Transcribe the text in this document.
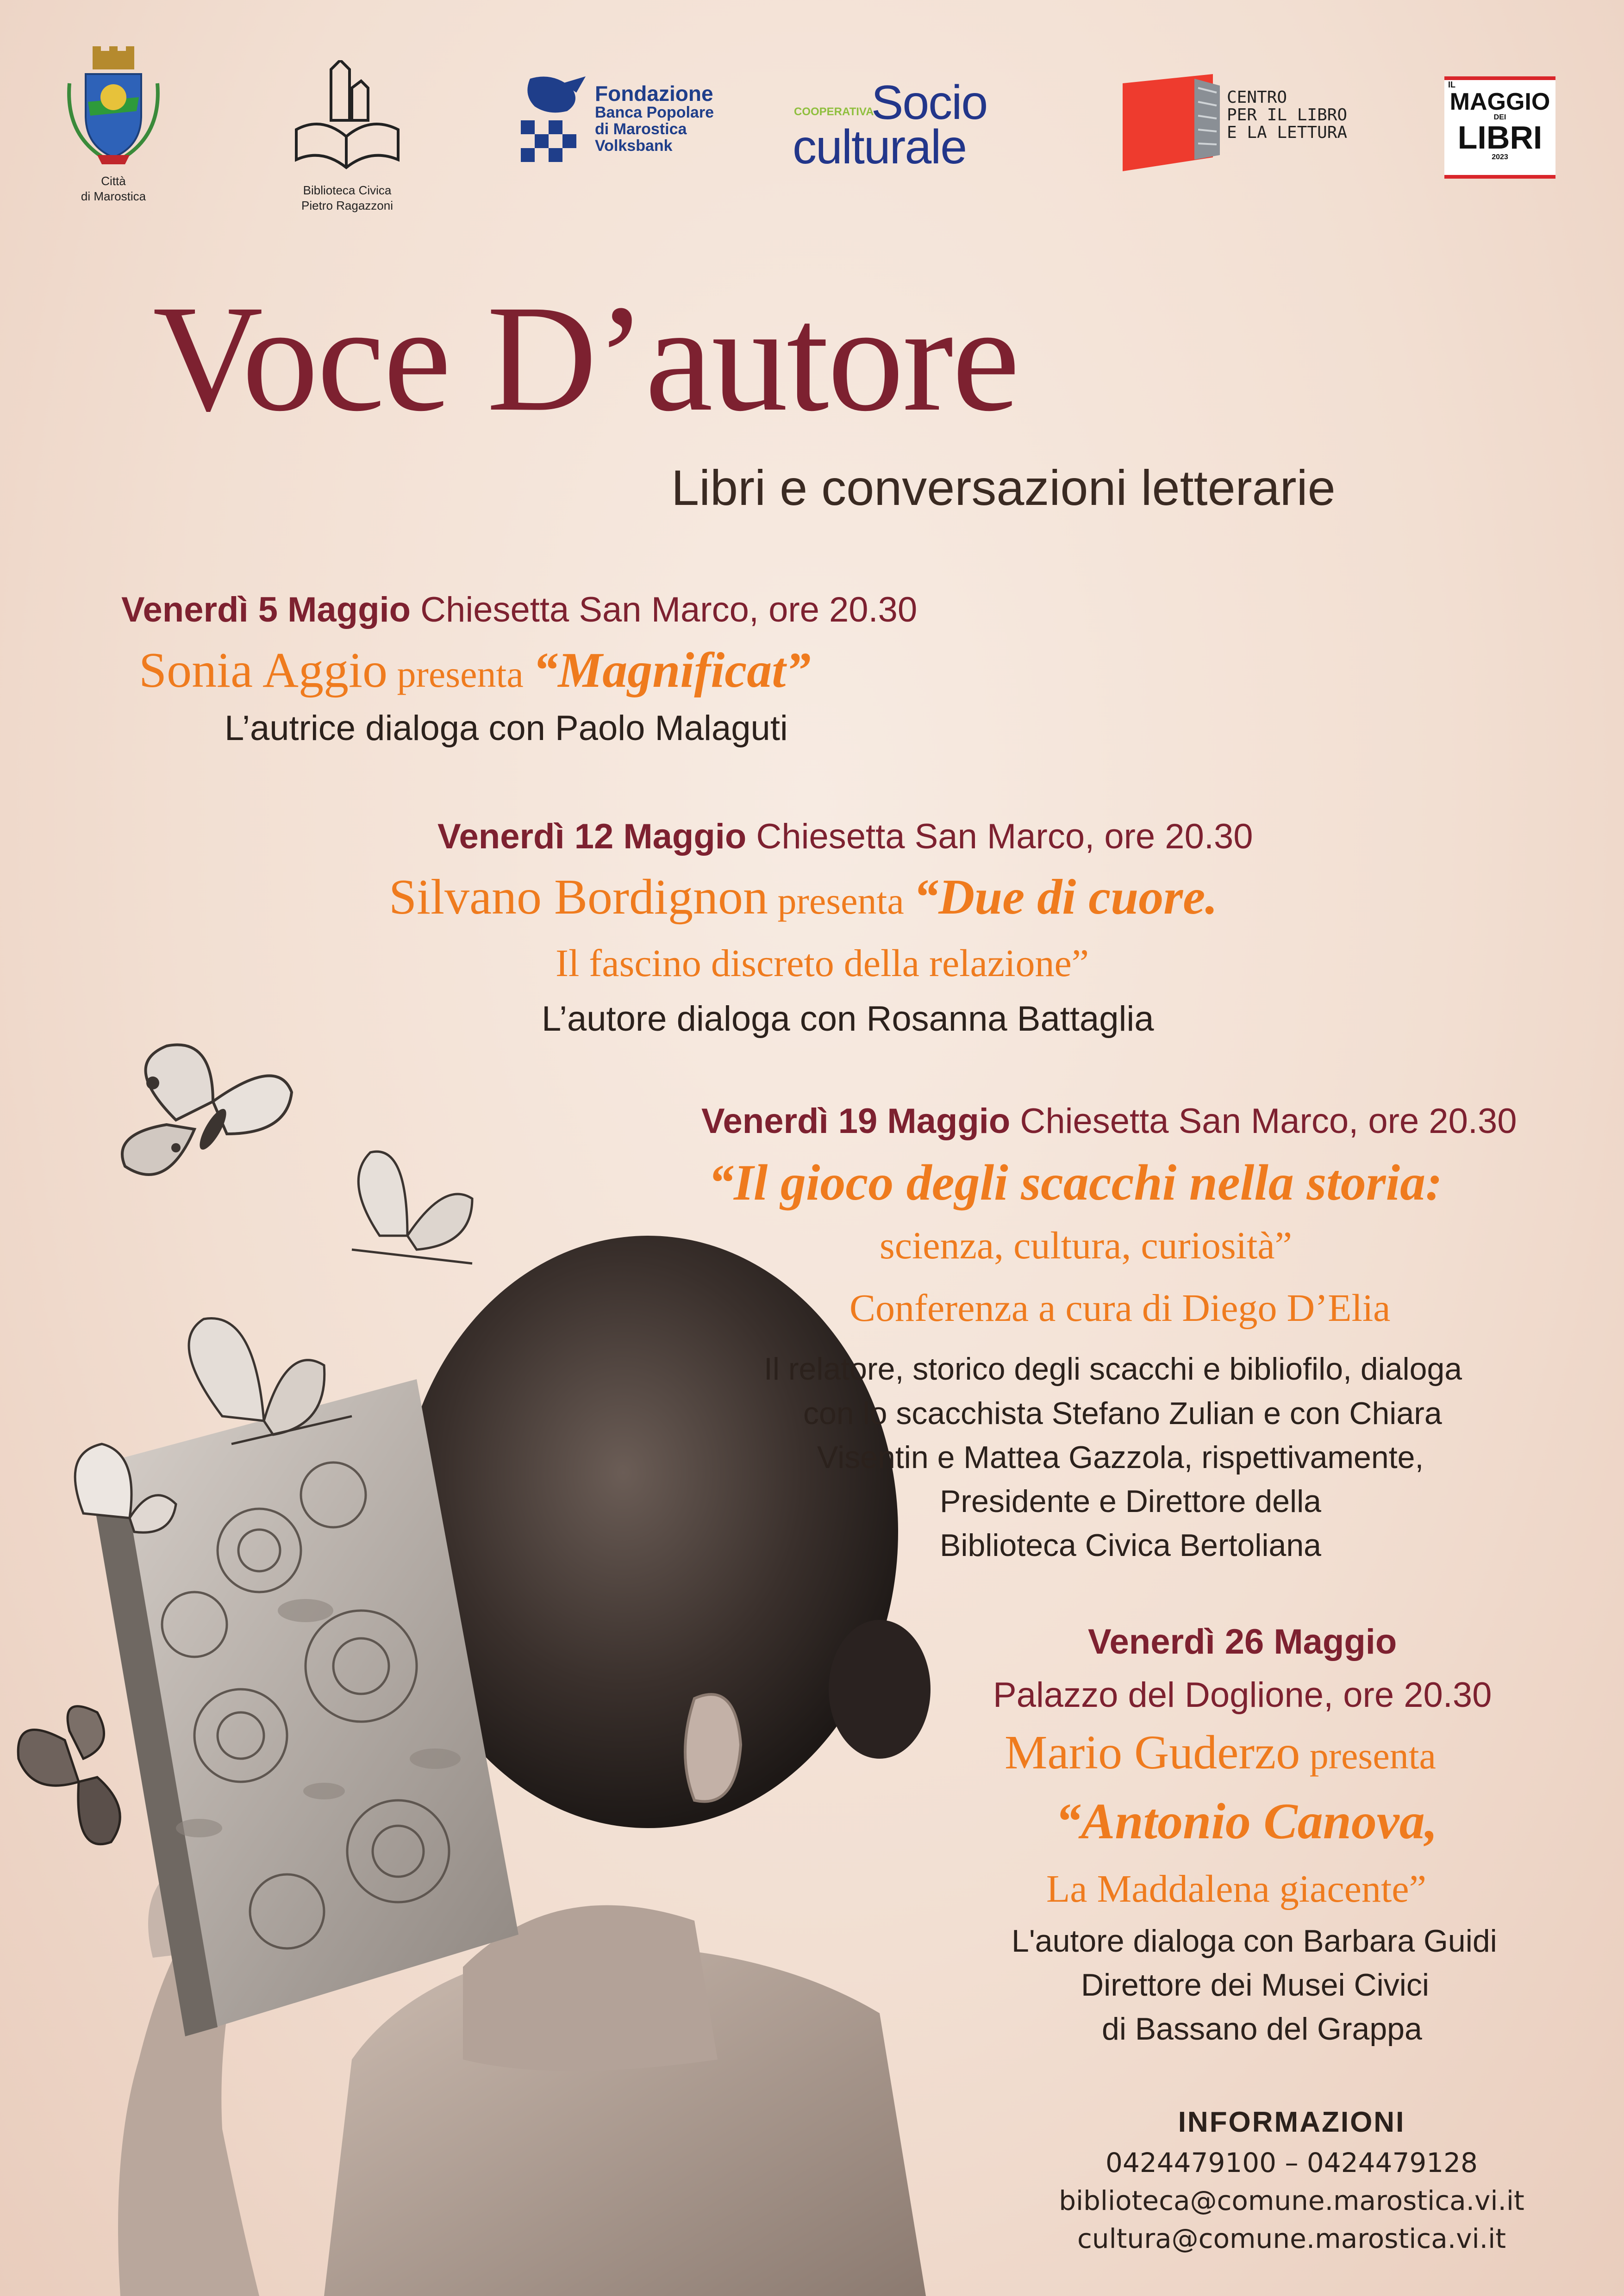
Città
di Marostica	Biblioteca Civica
Pietro Ragazzoni
Fondazione
Banca Popolare
di Marostica
Volksbank
COOPERATIVA
Socio
culturale
CENTRO
PER IL LIBRO
E LA LETTURA
IL
MAGGIO
DEI
LIBRI
2023
Voce D’autore
Libri e conversazioni letterarie
Venerdì 5 Maggio Chiesetta San Marco, ore 20.30
Sonia Aggio presenta “Magnificat”
L’autrice dialoga con Paolo Malaguti
Venerdì 12 Maggio Chiesetta San Marco, ore 20.30
Silvano Bordignon presenta “Due di cuore.
Il fascino discreto della relazione”
L’autore dialoga con Rosanna Battaglia
Venerdì 19 Maggio Chiesetta San Marco, ore 20.30
“Il gioco degli scacchi nella storia:
scienza, cultura, curiosità”
Conferenza a cura di Diego D’Elia
Il relatore, storico degli scacchi e bibliofilo, dialoga
con lo scacchista Stefano Zulian e con Chiara
Visentin e Mattea Gazzola, rispettivamente,
Presidente e Direttore della
Biblioteca Civica Bertoliana
Venerdì 26 Maggio
Palazzo del Doglione, ore 20.30
Mario Guderzo presenta
“Antonio Canova,
La Maddalena giacente”
L'autore dialoga con Barbara Guidi
Direttore dei Musei Civici
di Bassano del Grappa
INFORMAZIONI
0424479100 – 0424479128
biblioteca@comune.marostica.vi.it
cultura@comune.marostica.vi.it
